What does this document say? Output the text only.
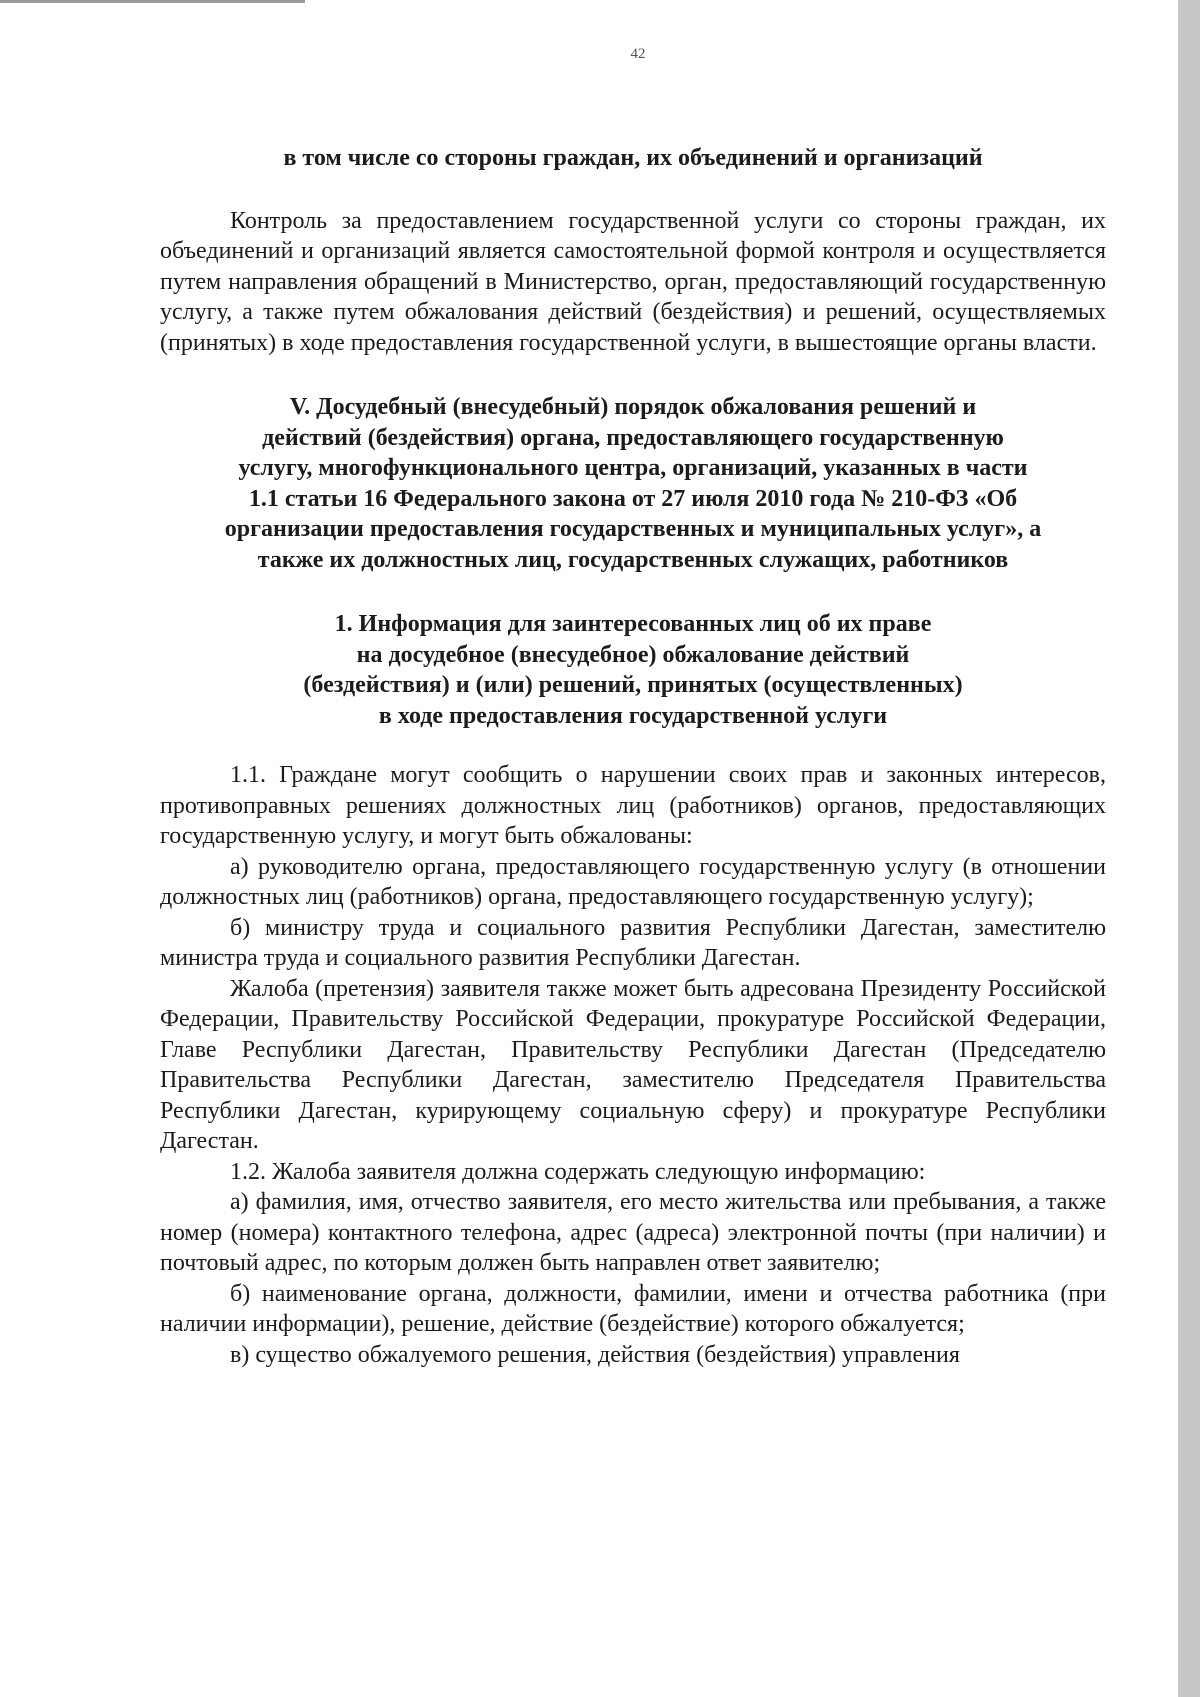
42
в том числе со стороны граждан, их объединений и организаций

Контроль за предоставлением государственной услуги со стороны граждан, их объединений и организаций является самостоятельной формой контроля и осуществляется путем направления обращений в Министерство, орган, предоставляющий государственную услугу, а также путем обжалования действий (бездействия) и решений, осуществляемых (принятых) в ходе предоставления государственной услуги, в вышестоящие органы власти.

V. Досудебный (внесудебный) порядок обжалования решений и
действий (бездействия) органа, предоставляющего государственную
услугу, многофункционального центра, организаций, указанных в части
1.1 статьи 16 Федерального закона от 27 июля 2010 года № 210-ФЗ «Об
организации предоставления государственных и муниципальных услуг», а
также их должностных лиц, государственных служащих, работников
1. Информация для заинтересованных лиц об их праве
на досудебное (внесудебное) обжалование действий
(бездействия) и (или) решений, принятых (осуществленных)
в ходе предоставления государственной услуги

1.1. Граждане могут сообщить о нарушении своих прав и законных интересов, противоправных решениях должностных лиц (работников) органов, предоставляющих государственную услугу, и могут быть обжалованы:

а) руководителю органа, предоставляющего государственную услугу (в отношении должностных лиц (работников) органа, предоставляющего государственную услугу);

б) министру труда и социального развития Республики Дагестан, заместителю министра труда и социального развития Республики Дагестан.

Жалоба (претензия) заявителя также может быть адресована Президенту Российской Федерации, Правительству Российской Федерации, прокуратуре Российской Федерации, Главе Республики Дагестан, Правительству Республики Дагестан (Председателю Правительства Республики Дагестан, заместителю Председателя Правительства Республики Дагестан, курирующему социальную сферу) и прокуратуре Республики Дагестан.

1.2. Жалоба заявителя должна содержать следующую информацию:

а) фамилия, имя, отчество заявителя, его место жительства или пребывания, а также номер (номера) контактного телефона, адрес (адреса) электронной почты (при наличии) и почтовый адрес, по которым должен быть направлен ответ заявителю;

б) наименование органа, должности, фамилии, имени и отчества работника (при наличии информации), решение, действие (бездействие) которого обжалуется;

в) существо обжалуемого решения, действия (бездействия) управления
